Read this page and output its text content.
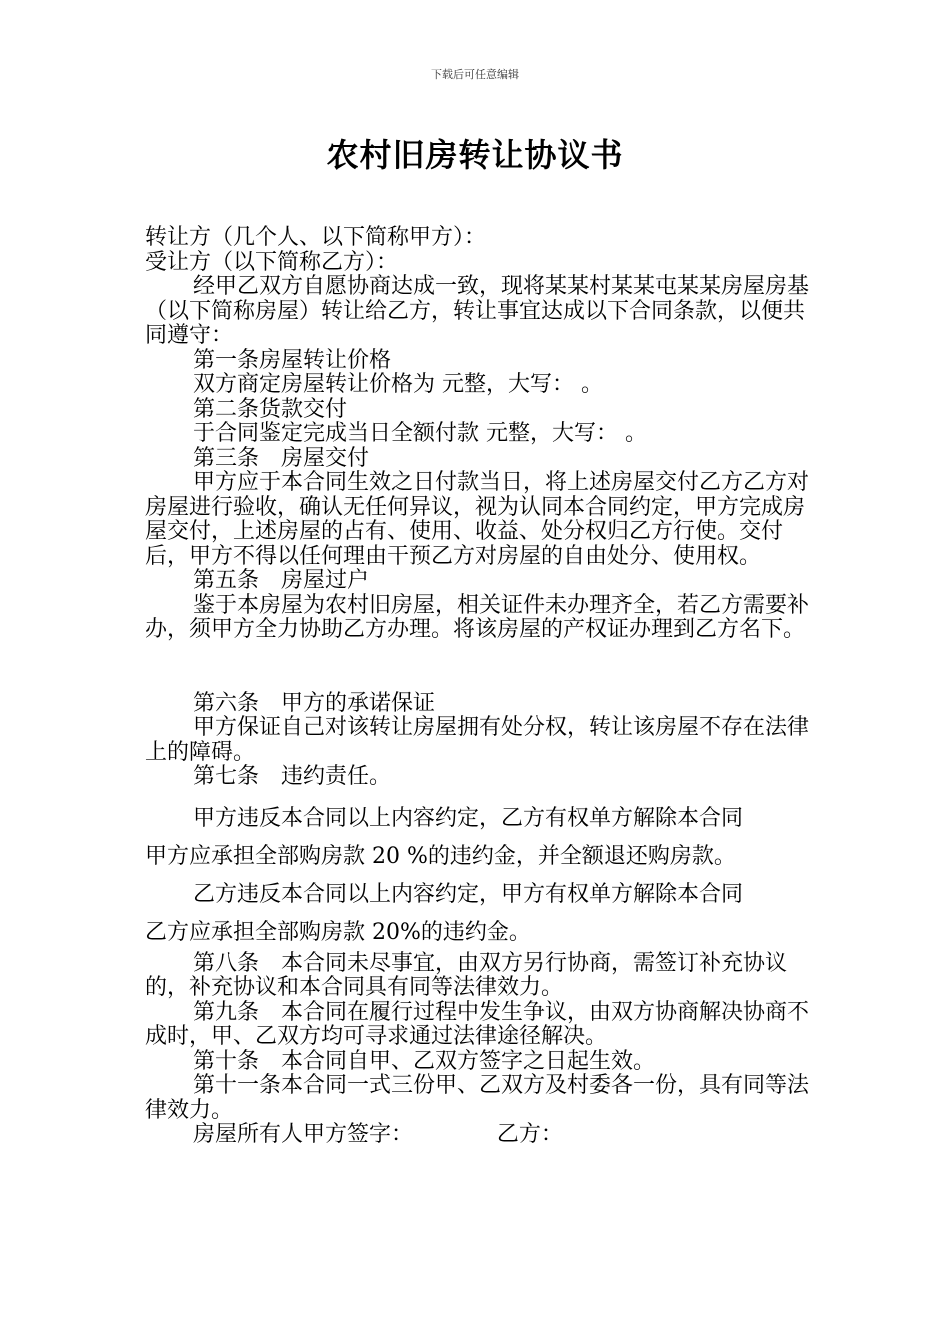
下载后可任意编辑
农村旧房转让协议书

转让方（几个人、以下简称甲方）：

受让方（以下简称乙方）：

经甲乙双方自愿协商达成一致，现将某某村某某屯某某房屋房基（以下简称房屋）转让给乙方，转让事宜达成以下合同条款，以便共同遵守：

第一条房屋转让价格

双方商定房屋转让价格为 元整，大写： 。

第二条货款交付

于合同鉴定完成当日全额付款 元整，大写： 。

第三条　房屋交付

甲方应于本合同生效之日付款当日，将上述房屋交付乙方乙方对房屋进行验收，确认无任何异议，视为认同本合同约定，甲方完成房屋交付，上述房屋的占有、使用、收益、处分权归乙方行使。交付后，甲方不得以任何理由干预乙方对房屋的自由处分、使用权。

第五条　房屋过户

鉴于本房屋为农村旧房屋，相关证件未办理齐全，若乙方需要补办，须甲方全力协助乙方办理。将该房屋的产权证办理到乙方名下。

第六条　甲方的承诺保证

甲方保证自己对该转让房屋拥有处分权，转让该房屋不存在法律上的障碍。

第七条　违约责任。

甲方违反本合同以上内容约定，乙方有权单方解除本合同

甲方应承担全部购房款 20 %的违约金，并全额退还购房款。

乙方违反本合同以上内容约定，甲方有权单方解除本合同

乙方应承担全部购房款 20%的违约金。

第八条　本合同未尽事宜，由双方另行协商，需签订补充协议的，补充协议和本合同具有同等法律效力。

第九条　本合同在履行过程中发生争议，由双方协商解决协商不成时，甲、乙双方均可寻求通过法律途径解决。

第十条　本合同自甲、乙双方签字之日起生效。

第十一条本合同一式三份甲、乙双方及村委各一份，具有同等法律效力。

房屋所有人甲方签字：            乙方：
